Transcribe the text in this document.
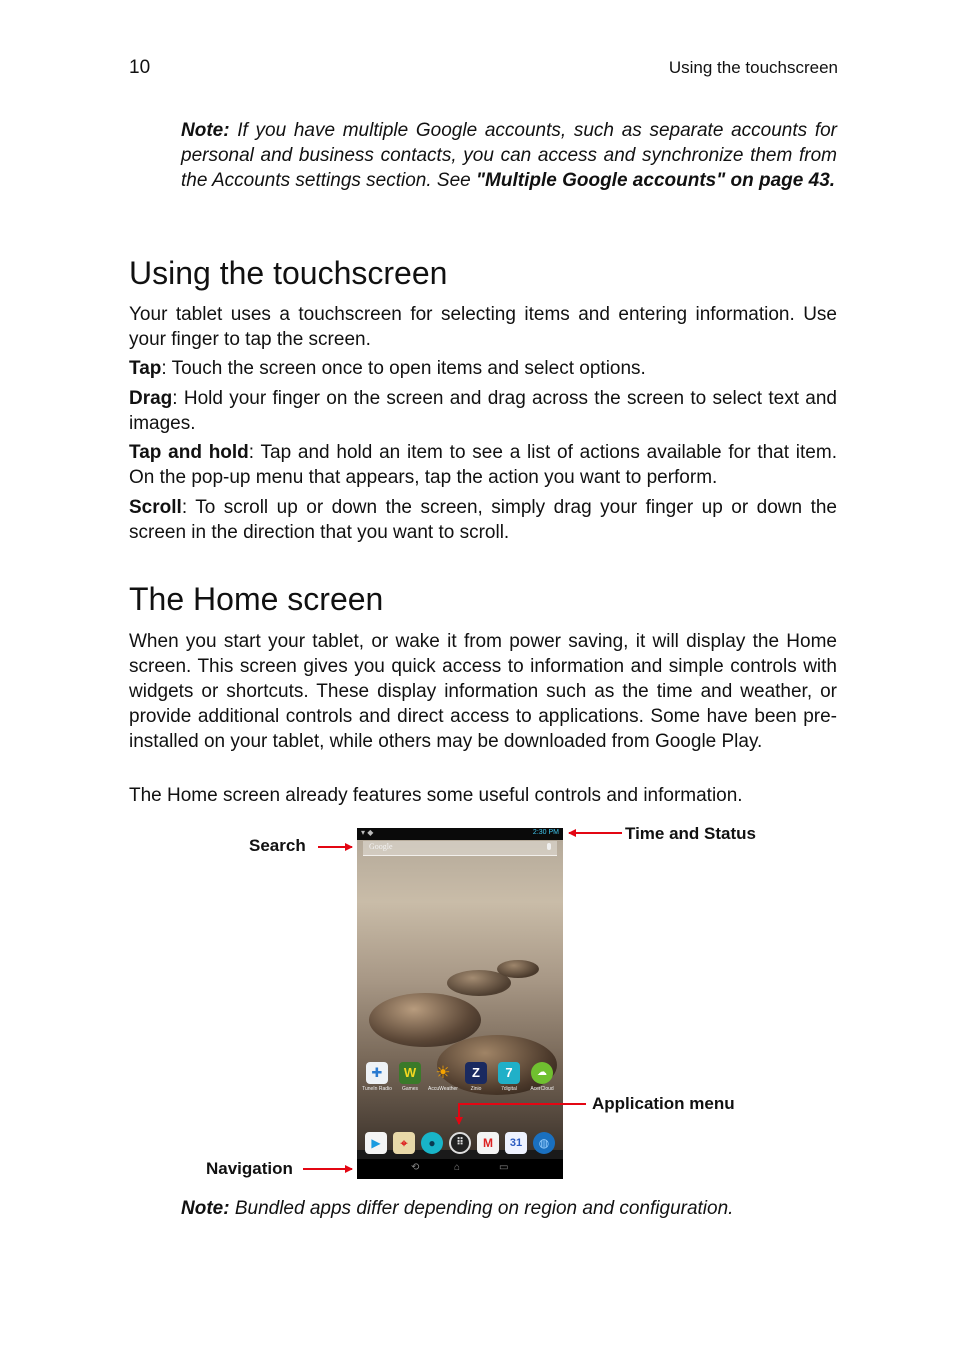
10	Using the touchscreen

Note: If you have multiple Google accounts, such as separate accounts for personal and business contacts, you can access and synchronize them from the Accounts settings section. See "Multiple Google accounts" on page 43.

Using the touchscreen

Your tablet uses a touchscreen for selecting items and entering information. Use your finger to tap the screen.

Tap: Touch the screen once to open items and select options.

Drag: Hold your finger on the screen and drag across the screen to select text and images.

Tap and hold: Tap and hold an item to see a list of actions available for that item. On the pop-up menu that appears, tap the action you want to perform.

Scroll: To scroll up or down the screen, simply drag your finger up or down the screen in the direction that you want to scroll.

The Home screen

When you start your tablet, or wake it from power saving, it will display the Home screen. This screen gives you quick access to information and simple controls with widgets or shortcuts. These display information such as the time and weather, or provide additional controls and direct access to applications. Some have been pre-installed on your tablet, while others may be downloaded from Google Play.

The Home screen already features some useful controls and information.

▾ ◆	2:30 PM
Google
✚
TuneIn Radio
W
Games
☀
AccuWeather
Z
Zinio
7
7digital
☁
AcerCloud
▶	⌖	●	⠿	M	31	◍
⟲	⌂	▭
Search
Time and Status
Application menu
Navigation

Note: Bundled apps differ depending on region and configuration.
